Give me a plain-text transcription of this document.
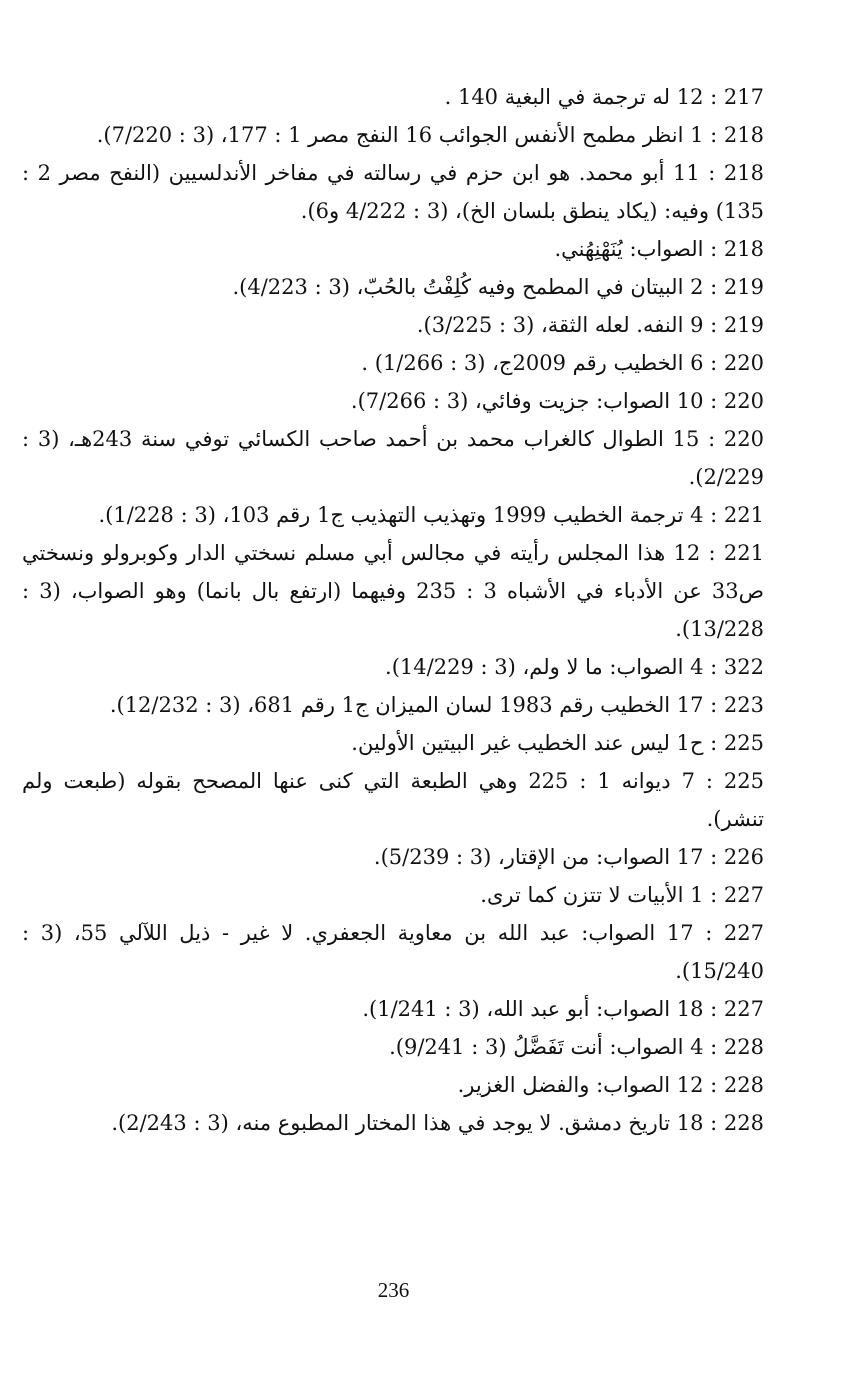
217 : 12 له ترجمة في البغية 140 .

218 : 1 انظر مطمح الأنفس الجوائب 16 النفج مصر 1 : 177، (3 : 7/220).

218 : 11 أبو محمد. هو ابن حزم في رسالته في مفاخر الأندلسيين (النفح مصر 2 : 135) وفيه: (يكاد ينطق بلسان الخ)، (3 : 4/222 و6).

218 : الصواب: يُنَهْنِهُني.

219 : 2 البيتان في المطمح وفيه كُلِفْتُ بالحُبّ، (3 : 4/223).

219 : 9 النفه. لعله الثقة، (3 : 3/225).

220 : 6 الخطيب رقم 2009ج، (3 : 1/266) .

220 : 10 الصواب: جزيت وفائي، (3 : 7/266).

220 : 15 الطوال كالغراب محمد بن أحمد صاحب الكسائي توفي سنة 243هـ، (3 : 2/229).

221 : 4 ترجمة الخطيب 1999 وتهذيب التهذيب ج1 رقم 103، (3 : 1/228).

221 : 12 هذا المجلس رأيته في مجالس أبي مسلم نسختي الدار وكوبرولو ونسختي ص33 عن الأدباء في الأشباه 3 : 235 وفيهما (ارتفع بال بانما) وهو الصواب، (3 : 13/228).

322 : 4 الصواب: ما لا ولم، (3 : 14/229).

223 : 17 الخطيب رقم 1983 لسان الميزان ج1 رقم 681، (3 : 12/232).

225 : ح1 ليس عند الخطيب غير البيتين الأولين.

225 : 7 ديوانه 1 : 225 وهي الطبعة التي كنى عنها المصحح بقوله (طبعت ولم تنشر).

226 : 17 الصواب: من الإقتار، (3 : 5/239).

227 : 1 الأبيات لا تتزن كما ترى.

227 : 17 الصواب: عبد الله بن معاوية الجعفري. لا غير - ذيل اللآلي 55، (3 : 15/240).

227 : 18 الصواب: أبو عبد الله، (3 : 1/241).

228 : 4 الصواب: أنت تَفَضَّلُ (3 : 9/241).

228 : 12 الصواب: والفضل الغزير.

228 : 18 تاريخ دمشق. لا يوجد في هذا المختار المطبوع منه، (3 : 2/243).

236
